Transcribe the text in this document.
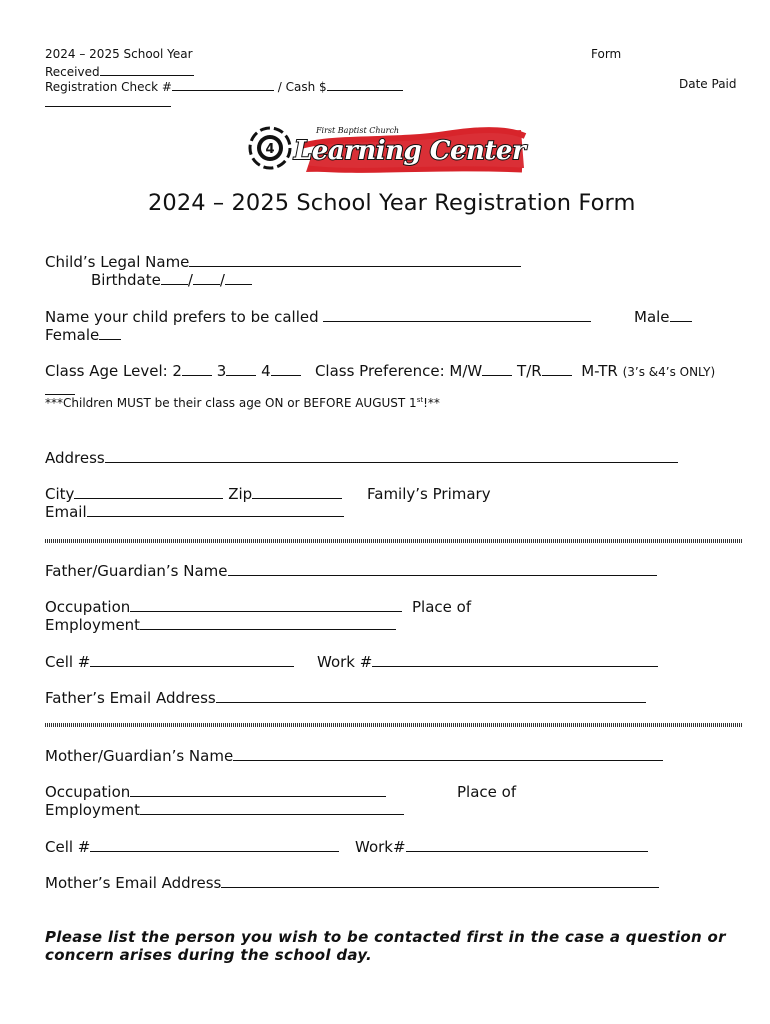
2024 – 2025 School Year	Form
Received
Registration Check #	/ Cash $	Date Paid
4
First Baptist Church
Learning Center
2024 – 2025 School Year Registration Form
Child’s Legal Name
Birthdate / /
Name your child prefers to be called	Male
Female
Class Age Level: 2 3 4	Class Preference: M/W T/R	M-TR (3’s &4’s ONLY)
***Children MUST be their class age ON or BEFORE AUGUST 1st!**
Address
City	Zip	Family’s Primary
Email
Father/Guardian’s Name
Occupation	Place of
Employment
Cell #	Work #
Father’s Email Address
Mother/Guardian’s Name
Occupation	Place of
Employment
Cell #	Work#
Mother’s Email Address
Please list the person you wish to be contacted first in the case a question or
concern arises during the school day.
